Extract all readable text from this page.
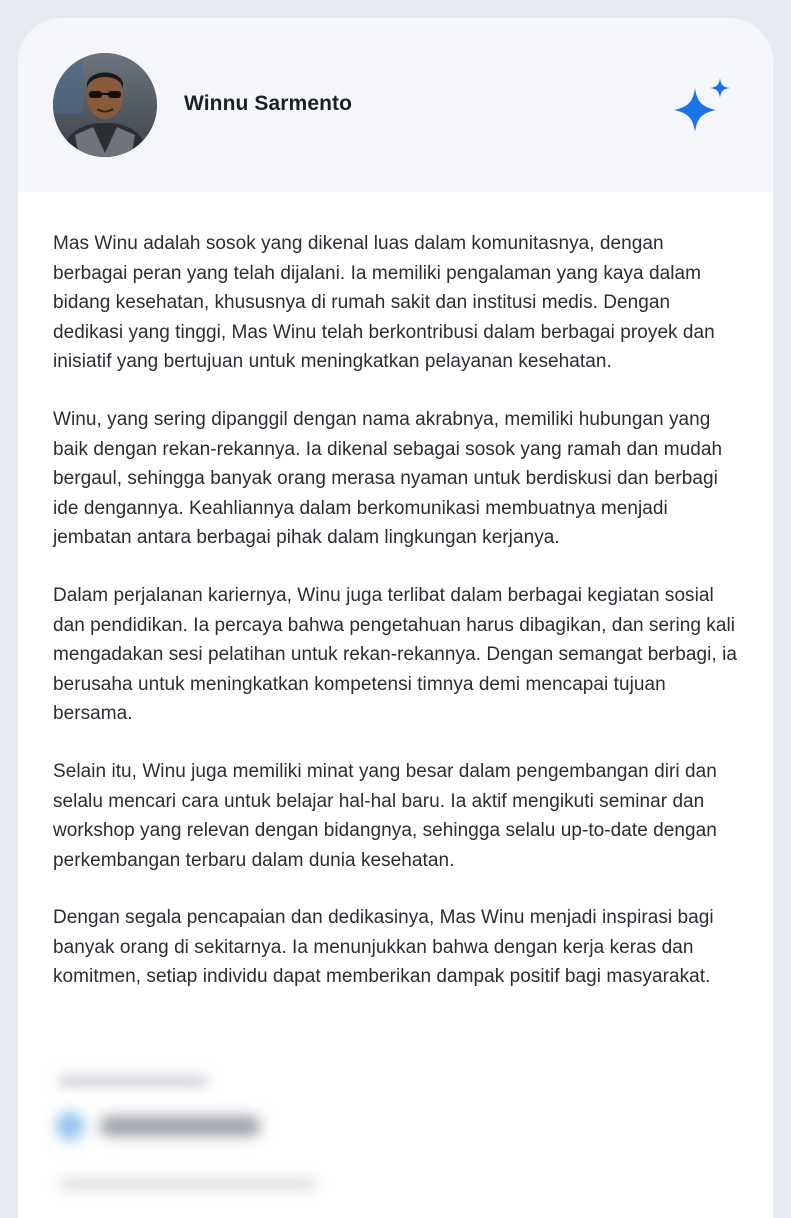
Winnu Sarmento

Mas Winu adalah sosok yang dikenal luas dalam komunitasnya, dengan berbagai peran yang telah dijalani. Ia memiliki pengalaman yang kaya dalam bidang kesehatan, khususnya di rumah sakit dan institusi medis. Dengan dedikasi yang tinggi, Mas Winu telah berkontribusi dalam berbagai proyek dan inisiatif yang bertujuan untuk meningkatkan pelayanan kesehatan.

Winu, yang sering dipanggil dengan nama akrabnya, memiliki hubungan yang baik dengan rekan-rekannya. Ia dikenal sebagai sosok yang ramah dan mudah bergaul, sehingga banyak orang merasa nyaman untuk berdiskusi dan berbagi ide dengannya. Keahliannya dalam berkomunikasi membuatnya menjadi jembatan antara berbagai pihak dalam lingkungan kerjanya.

Dalam perjalanan kariernya, Winu juga terlibat dalam berbagai kegiatan sosial dan pendidikan. Ia percaya bahwa pengetahuan harus dibagikan, dan sering kali mengadakan sesi pelatihan untuk rekan-rekannya. Dengan semangat berbagi, ia berusaha untuk meningkatkan kompetensi timnya demi mencapai tujuan bersama.

Selain itu, Winu juga memiliki minat yang besar dalam pengembangan diri dan selalu mencari cara untuk belajar hal-hal baru. Ia aktif mengikuti seminar dan workshop yang relevan dengan bidangnya, sehingga selalu up-to-date dengan perkembangan terbaru dalam dunia kesehatan.

Dengan segala pencapaian dan dedikasinya, Mas Winu menjadi inspirasi bagi banyak orang di sekitarnya. Ia menunjukkan bahwa dengan kerja keras dan komitmen, setiap individu dapat memberikan dampak positif bagi masyarakat.
